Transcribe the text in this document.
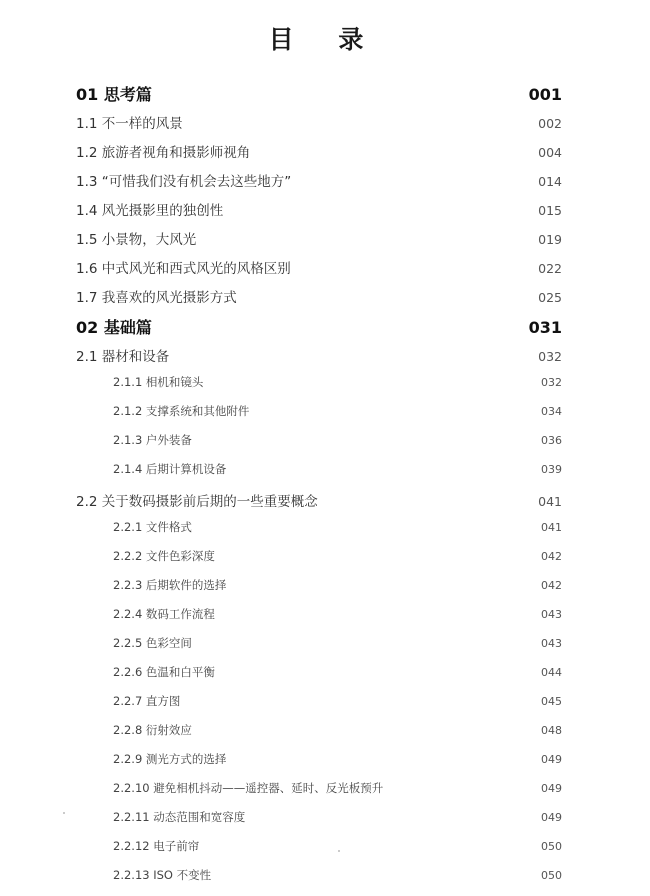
目 录
01 思考篇	001
1.1 不一样的风景	002
1.2 旅游者视角和摄影师视角	004
1.3 “可惜我们没有机会去这些地方”	014
1.4 风光摄影里的独创性	015
1.5 小景物，大风光	019
1.6 中式风光和西式风光的风格区别	022
1.7 我喜欢的风光摄影方式	025
02 基础篇	031
2.1 器材和设备	032
2.1.1 相机和镜头	032
2.1.2 支撑系统和其他附件	034
2.1.3 户外装备	036
2.1.4 后期计算机设备	039
2.2 关于数码摄影前后期的一些重要概念	041
2.2.1 文件格式	041
2.2.2 文件色彩深度	042
2.2.3 后期软件的选择	042
2.2.4 数码工作流程	043
2.2.5 色彩空间	043
2.2.6 色温和白平衡	044
2.2.7 直方图	045
2.2.8 衍射效应	048
2.2.9 测光方式的选择	049
2.2.10 避免相机抖动——遥控器、延时、反光板预升	049
2.2.11 动态范围和宽容度	049
2.2.12 电子前帘	050
2.2.13 ISO 不变性	050
